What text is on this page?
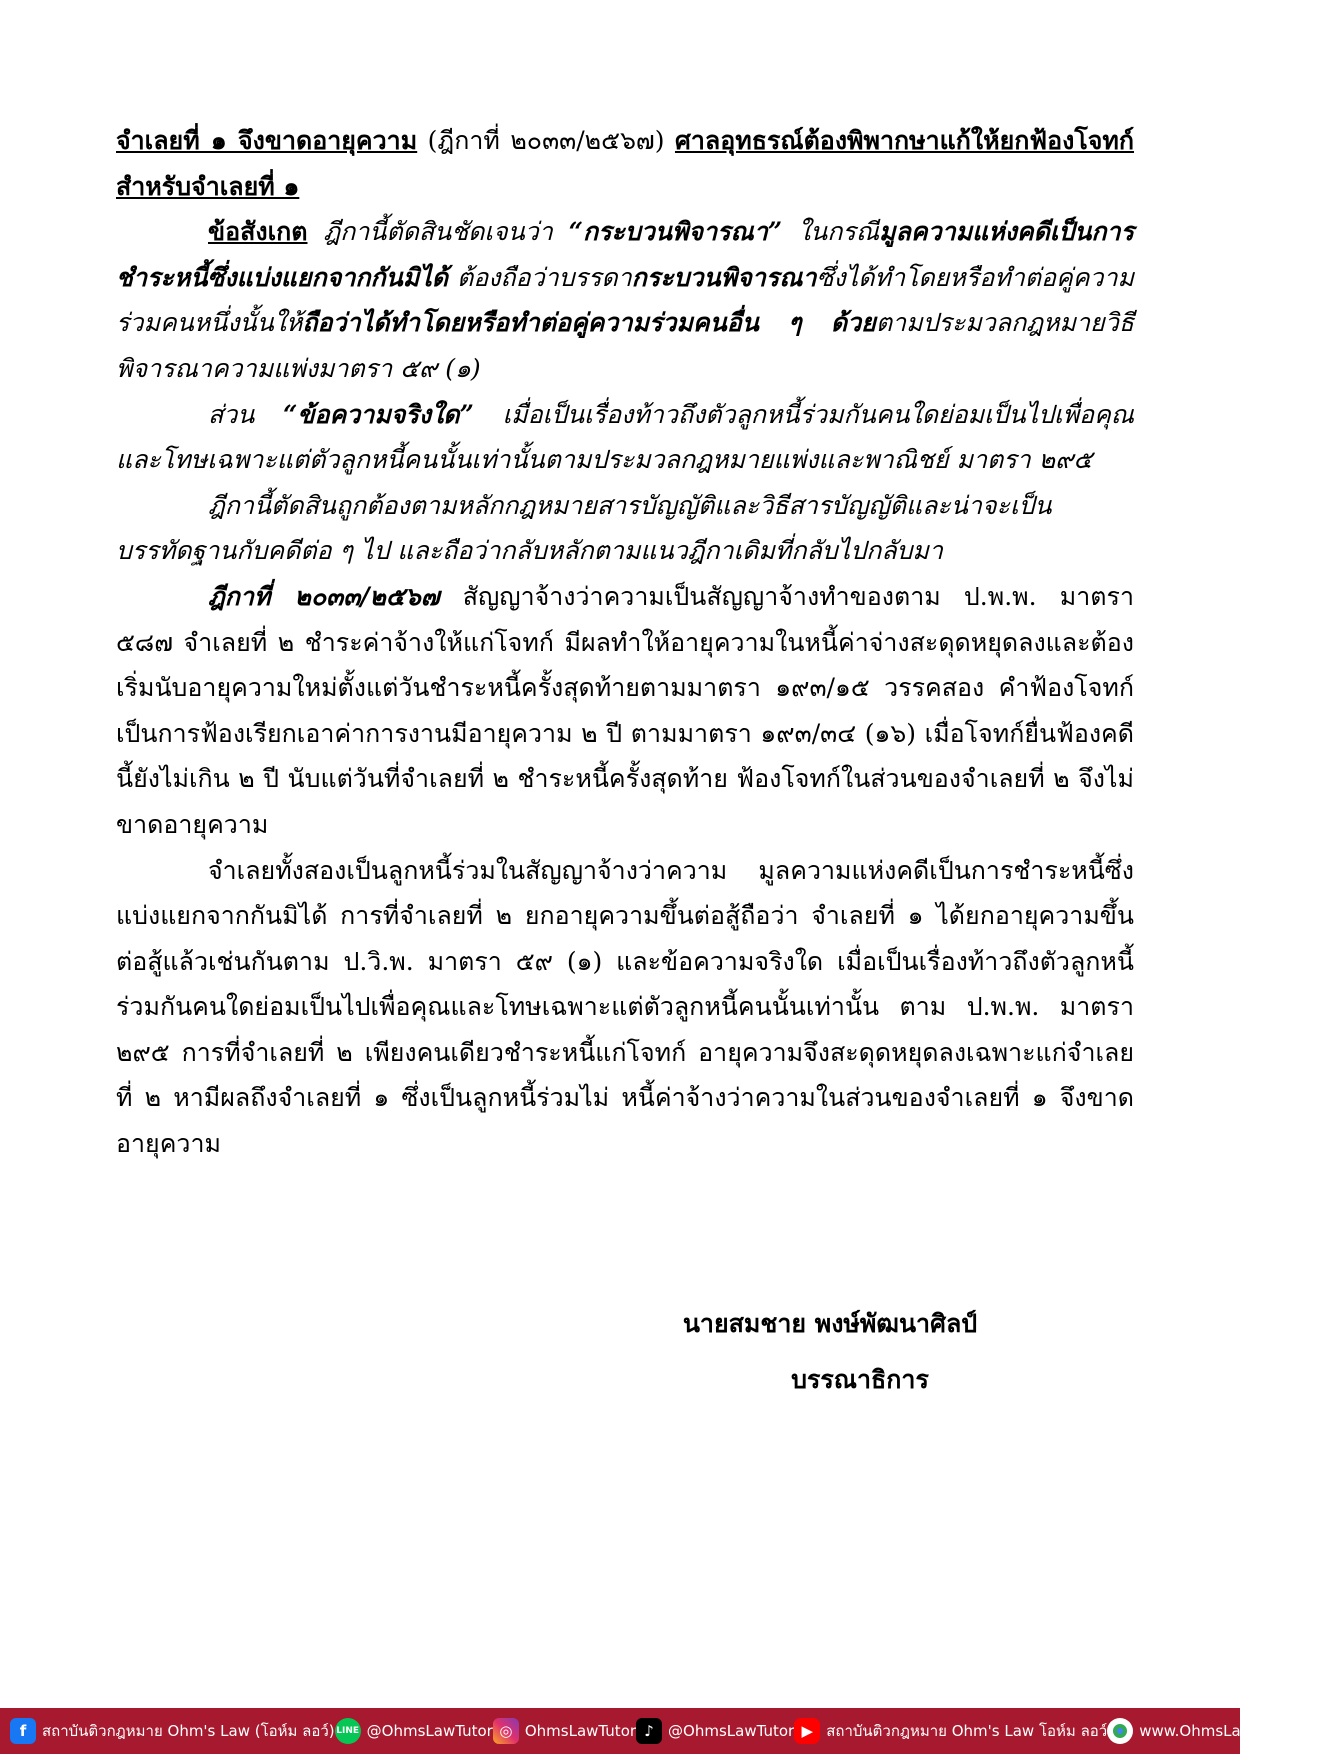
จำเลยที่ ๑ จึงขาดอายุความ (ฎีกาที่ ๒๐๓๓/๒๕๖๗) ศาลอุทธรณ์ต้องพิพากษาแก้ให้ยกฟ้องโจทก์สำหรับจำเลยที่ ๑

ข้อสังเกต ฎีกานี้ตัดสินชัดเจนว่า “กระบวนพิจารณา” ในกรณีมูลความแห่งคดีเป็นการชำระหนี้ซึ่งแบ่งแยกจากกันมิได้ ต้องถือว่าบรรดากระบวนพิจารณาซึ่งได้ทำโดยหรือทำต่อคู่ความร่วมคนหนึ่งนั้นให้ถือว่าได้ทำโดยหรือทำต่อคู่ความร่วมคนอื่น ๆ ด้วยตามประมวลกฎหมายวิธีพิจารณาความแพ่งมาตรา ๕๙ (๑)

ส่วน “ข้อความจริงใด” เมื่อเป็นเรื่องท้าวถึงตัวลูกหนี้ร่วมกันคนใดย่อมเป็นไปเพื่อคุณและโทษเฉพาะแต่ตัวลูกหนี้คนนั้นเท่านั้นตามประมวลกฎหมายแพ่งและพาณิชย์ มาตรา ๒๙๕

ฎีกานี้ตัดสินถูกต้องตามหลักกฎหมายสารบัญญัติและวิธีสารบัญญัติและน่าจะเป็นบรรทัดฐานกับคดีต่อ ๆ ไป และถือว่ากลับหลักตามแนวฎีกาเดิมที่กลับไปกลับมา

ฎีกาที่ ๒๐๓๓/๒๕๖๗ สัญญาจ้างว่าความเป็นสัญญาจ้างทำของตาม ป.พ.พ. มาตรา ๕๘๗ จำเลยที่ ๒ ชำระค่าจ้างให้แก่โจทก์ มีผลทำให้อายุความในหนี้ค่าจ่างสะดุดหยุดลงและต้องเริ่มนับอายุความใหม่ตั้งแต่วันชำระหนี้ครั้งสุดท้ายตามมาตรา ๑๙๓/๑๕ วรรคสอง คำฟ้องโจทก์เป็นการฟ้องเรียกเอาค่าการงานมีอายุความ ๒ ปี ตามมาตรา ๑๙๓/๓๔ (๑๖) เมื่อโจทก์ยื่นฟ้องคดีนี้ยังไม่เกิน ๒ ปี นับแต่วันที่จำเลยที่ ๒ ชำระหนี้ครั้งสุดท้าย ฟ้องโจทก์ในส่วนของจำเลยที่ ๒ จึงไม่ขาดอายุความ

จำเลยทั้งสองเป็นลูกหนี้ร่วมในสัญญาจ้างว่าความ มูลความแห่งคดีเป็นการชำระหนี้ซึ่งแบ่งแยกจากกันมิได้ การที่จำเลยที่ ๒ ยกอายุความขึ้นต่อสู้ถือว่า จำเลยที่ ๑ ได้ยกอายุความขึ้นต่อสู้แล้วเช่นกันตาม ป.วิ.พ. มาตรา ๕๙ (๑) และข้อความจริงใด เมื่อเป็นเรื่องท้าวถึงตัวลูกหนี้ร่วมกันคนใดย่อมเป็นไปเพื่อคุณและโทษเฉพาะแต่ตัวลูกหนี้คนนั้นเท่านั้น ตาม ป.พ.พ. มาตรา ๒๙๕ การที่จำเลยที่ ๒ เพียงคนเดียวชำระหนี้แก่โจทก์ อายุความจึงสะดุดหยุดลงเฉพาะแก่จำเลยที่ ๒ หามีผลถึงจำเลยที่ ๑ ซึ่งเป็นลูกหนี้ร่วมไม่ หนี้ค่าจ้างว่าความในส่วนของจำเลยที่ ๑ จึงขาดอายุความ

นายสมชาย พงษ์พัฒนาศิลป์
บรรณาธิการ
f	สถาบันติวกฎหมาย Ohm's Law (โอห์ม ลอว์) LINE @OhmsLawTutor ◎ OhmsLawTutor ♪ @OhmsLawTutor ▶ สถาบันติวกฎหมาย Ohm's Law โอห์ม ลอว์ www.OhmsLawTutor.com
